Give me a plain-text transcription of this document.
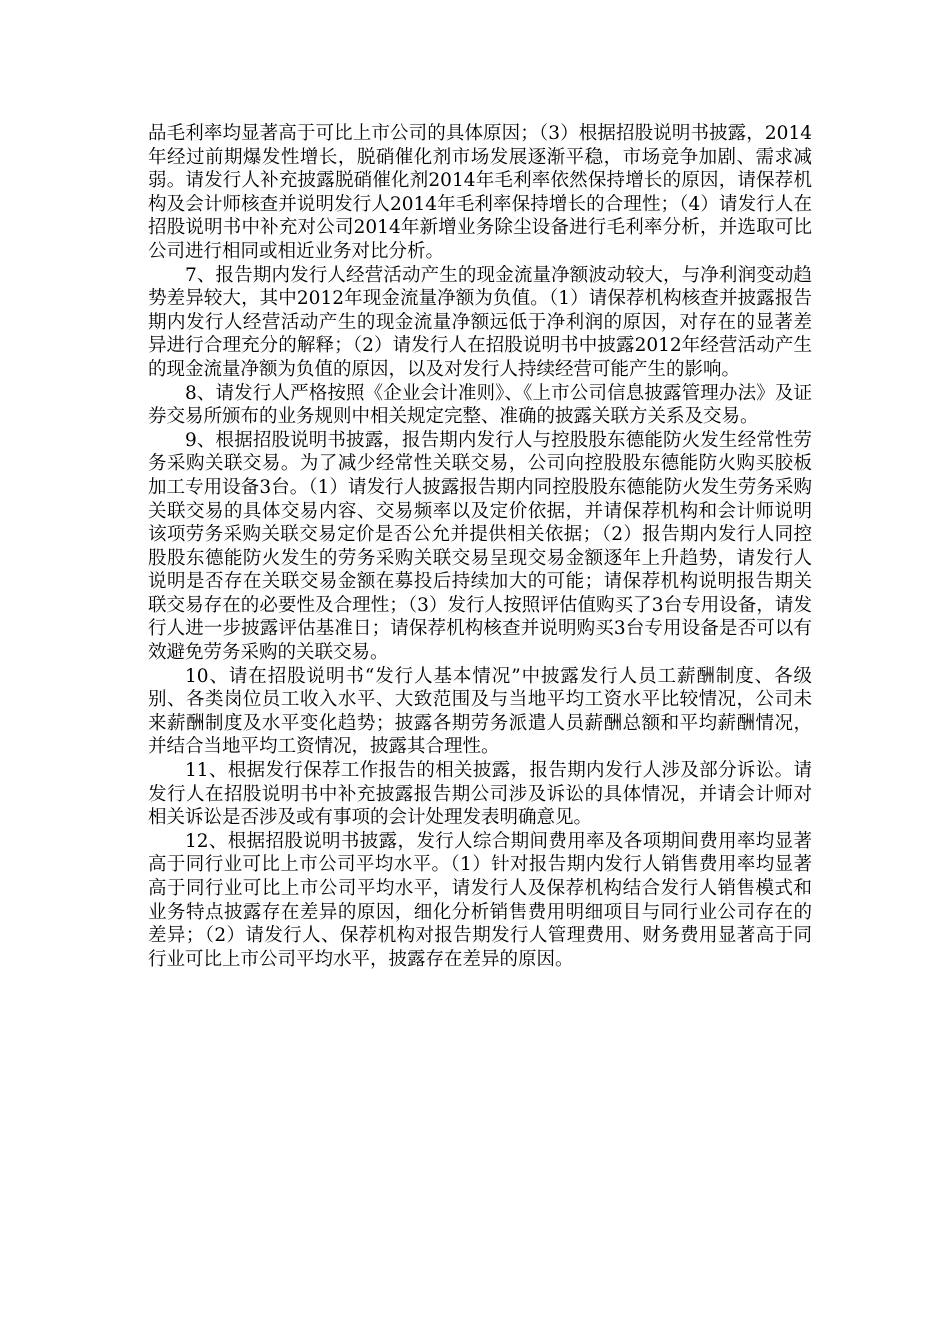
品毛利率均显著高于可比上市公司的具体原因；（3）根据招股说明书披露，2014年经过前期爆发性增长，脱硝催化剂市场发展逐渐平稳，市场竞争加剧、需求减弱。请发行人补充披露脱硝催化剂2014年毛利率依然保持增长的原因，请保荐机构及会计师核查并说明发行人2014年毛利率保持增长的合理性；（4）请发行人在招股说明书中补充对公司2014年新增业务除尘设备进行毛利率分析，并选取可比公司进行相同或相近业务对比分析。

7、报告期内发行人经营活动产生的现金流量净额波动较大，与净利润变动趋势差异较大，其中2012年现金流量净额为负值。（1）请保荐机构核查并披露报告期内发行人经营活动产生的现金流量净额远低于净利润的原因，对存在的显著差异进行合理充分的解释；（2）请发行人在招股说明书中披露2012年经营活动产生的现金流量净额为负值的原因，以及对发行人持续经营可能产生的影响。

8、请发行人严格按照《企业会计准则》、《上市公司信息披露管理办法》及证券交易所颁布的业务规则中相关规定完整、准确的披露关联方关系及交易。

9、根据招股说明书披露，报告期内发行人与控股股东德能防火发生经常性劳务采购关联交易。为了减少经常性关联交易，公司向控股股东德能防火购买胶板加工专用设备3台。（1）请发行人披露报告期内同控股股东德能防火发生劳务采购关联交易的具体交易内容、交易频率以及定价依据，并请保荐机构和会计师说明该项劳务采购关联交易定价是否公允并提供相关依据；（2）报告期内发行人同控股股东德能防火发生的劳务采购关联交易呈现交易金额逐年上升趋势，请发行人说明是否存在关联交易金额在募投后持续加大的可能；请保荐机构说明报告期关联交易存在的必要性及合理性；（3）发行人按照评估值购买了3台专用设备，请发行人进一步披露评估基准日；请保荐机构核查并说明购买3台专用设备是否可以有效避免劳务采购的关联交易。

10、请在招股说明书“发行人基本情况”中披露发行人员工薪酬制度、各级别、各类岗位员工收入水平、大致范围及与当地平均工资水平比较情况，公司未来薪酬制度及水平变化趋势；披露各期劳务派遣人员薪酬总额和平均薪酬情况，并结合当地平均工资情况，披露其合理性。

11、根据发行保荐工作报告的相关披露，报告期内发行人涉及部分诉讼。请发行人在招股说明书中补充披露报告期公司涉及诉讼的具体情况，并请会计师对相关诉讼是否涉及或有事项的会计处理发表明确意见。

12、根据招股说明书披露，发行人综合期间费用率及各项期间费用率均显著高于同行业可比上市公司平均水平。（1）针对报告期内发行人销售费用率均显著高于同行业可比上市公司平均水平，请发行人及保荐机构结合发行人销售模式和业务特点披露存在差异的原因，细化分析销售费用明细项目与同行业公司存在的差异；（2）请发行人、保荐机构对报告期发行人管理费用、财务费用显著高于同行业可比上市公司平均水平，披露存在差异的原因。
